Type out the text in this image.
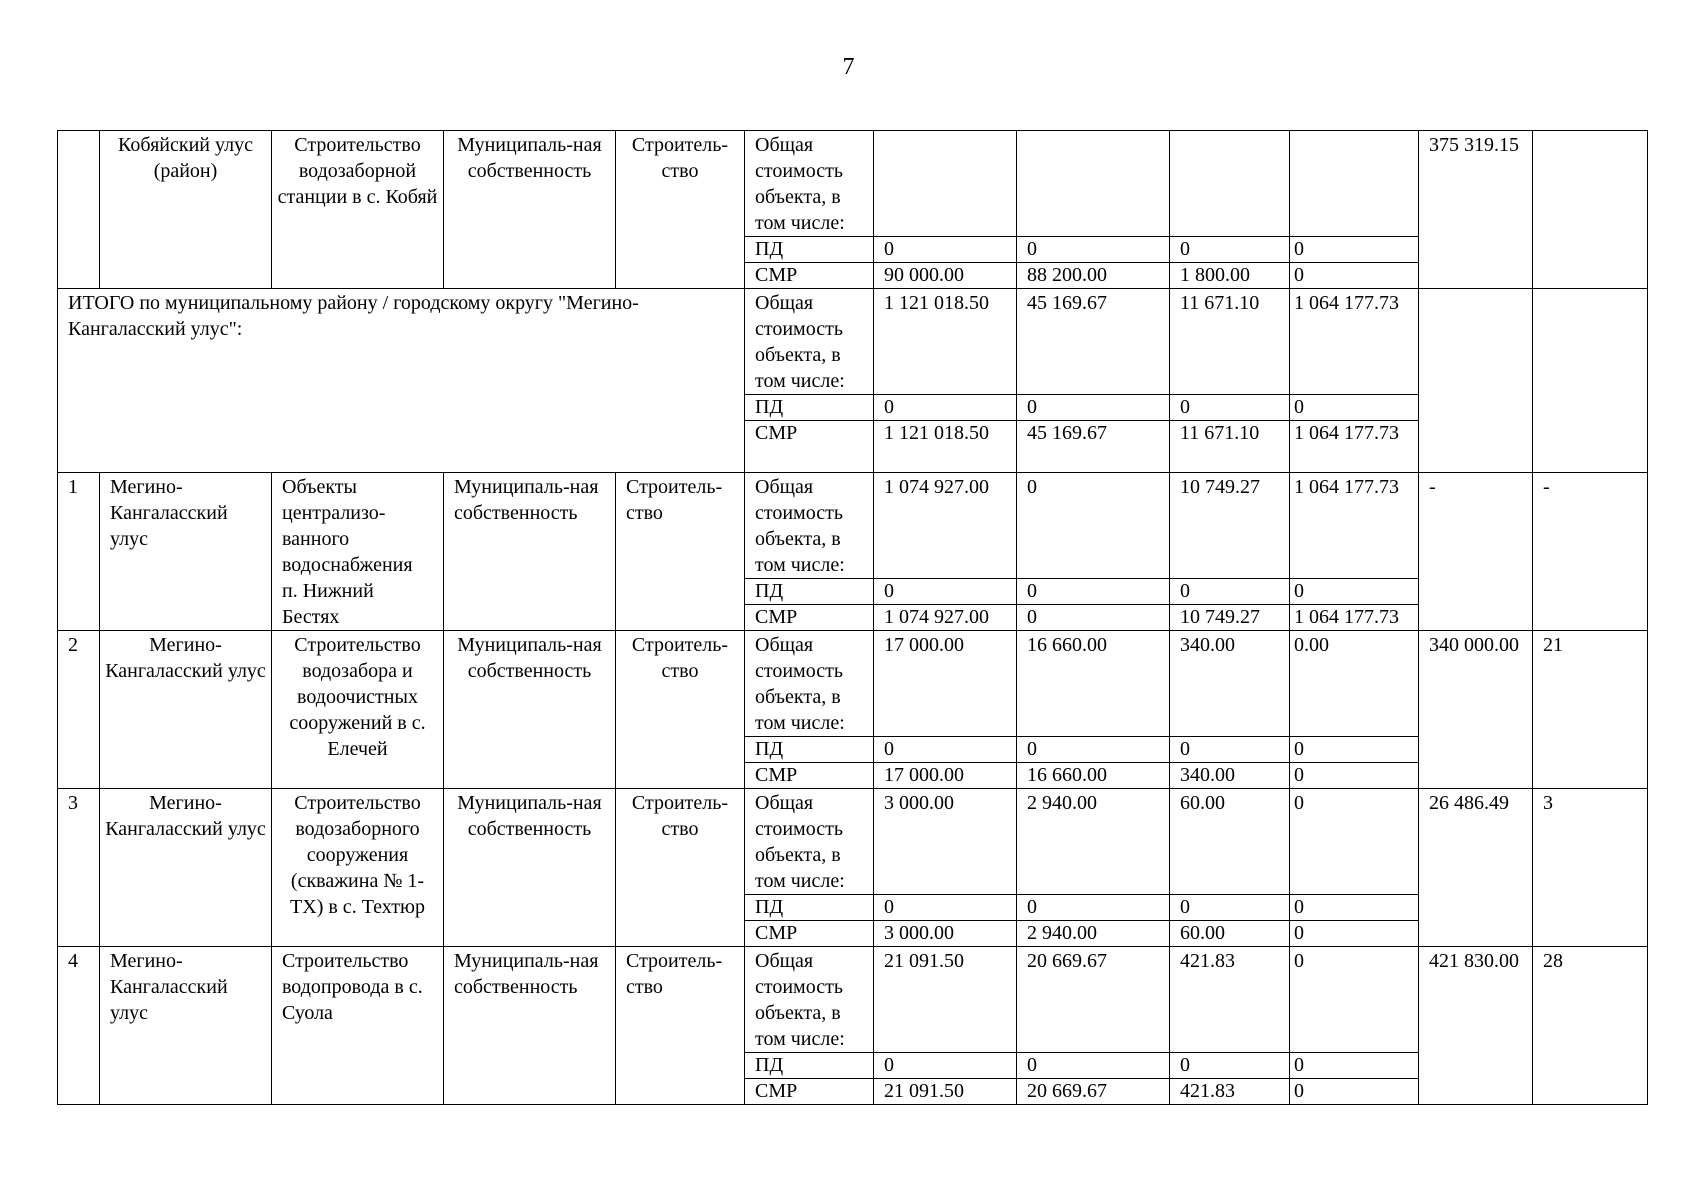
7
	Кобяйский улус (район)	Строительство водозаборной станции в с. Кобяй	Муниципаль-ная собственность	Строитель-ство	Общая стоимость объекта, в том числе:					375 319.15	
					ПД	0	0	0	0		
					СМР	90 000.00	88 200.00	1 800.00	0		
ИТОГО по муниципальному району / городскому округу "Мегино-Кангаласский улус":					Общая стоимость объекта, в том числе:	1 121 018.50	45 169.67	11 671.10	1 064 177.73		
					ПД	0	0	0	0		
					СМР	1 121 018.50	45 169.67	11 671.10	1 064 177.73		
1	Мегино-Кангаласский улус	Объекты централизо-ванного водоснабжения п. Нижний Бестях	Муниципаль-ная собственность	Строитель-ство	Общая стоимость объекта, в том числе:	1 074 927.00	0	10 749.27	1 064 177.73	-	-
					ПД	0	0	0	0		
					СМР	1 074 927.00	0	10 749.27	1 064 177.73		
2	Мегино-Кангаласский улус	Строительство водозабора и водоочистных сооружений в с. Елечей	Муниципаль-ная собственность	Строитель-ство	Общая стоимость объекта, в том числе:	17 000.00	16 660.00	340.00	0.00	340 000.00	21
					ПД	0	0	0	0		
					СМР	17 000.00	16 660.00	340.00	0		
3	Мегино-Кангаласский улус	Строительство водозаборного сооружения (скважина № 1-ТХ) в с. Техтюр	Муниципаль-ная собственность	Строитель-ство	Общая стоимость объекта, в том числе:	3 000.00	2 940.00	60.00	0	26 486.49	3
					ПД	0	0	0	0		
					СМР	3 000.00	2 940.00	60.00	0		
4	Мегино-Кангаласский улус	Строительство водопровода в с. Суола	Муниципаль-ная собственность	Строитель-ство	Общая стоимость объекта, в том числе:	21 091.50	20 669.67	421.83	0	421 830.00	28
					ПД	0	0	0	0		
					СМР	21 091.50	20 669.67	421.83	0		
